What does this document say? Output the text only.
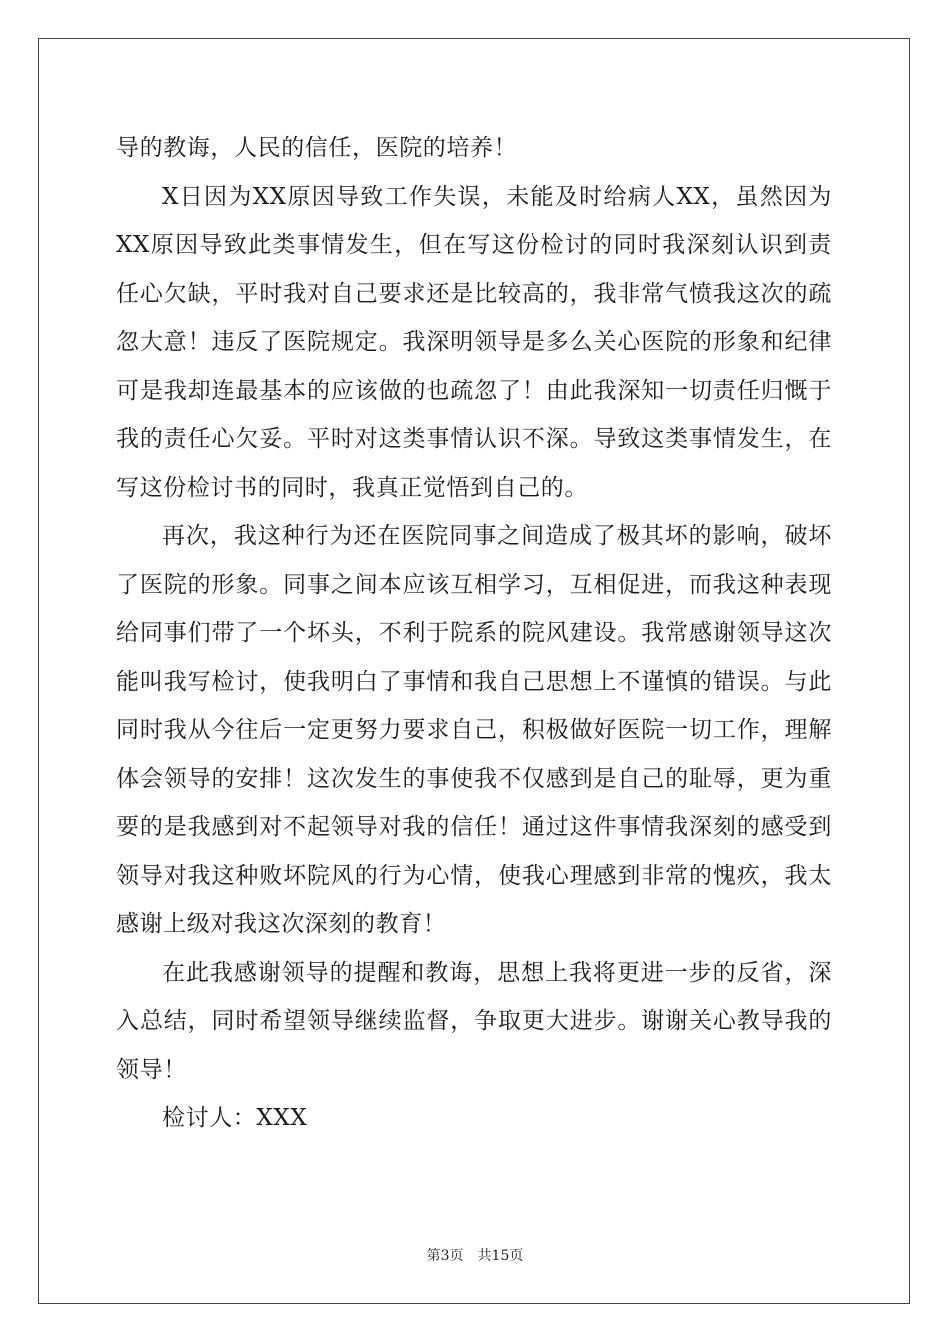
导的教诲，人民的信任，医院的培养！

X日因为XX原因导致工作失误，未能及时给病人XX，虽然因为XX原因导致此类事情发生，但在写这份检讨的同时我深刻认识到责任心欠缺，平时我对自己要求还是比较高的，我非常气愤我这次的疏忽大意！违反了医院规定。我深明领导是多么关心医院的形象和纪律可是我却连最基本的应该做的也疏忽了！由此我深知一切责任归慨于我的责任心欠妥。平时对这类事情认识不深。导致这类事情发生，在写这份检讨书的同时，我真正觉悟到自己的。

再次，我这种行为还在医院同事之间造成了极其坏的影响，破坏了医院的形象。同事之间本应该互相学习，互相促进，而我这种表现给同事们带了一个坏头，不利于院系的院风建设。我常感谢领导这次能叫我写检讨，使我明白了事情和我自己思想上不谨慎的错误。与此同时我从今往后一定更努力要求自己，积极做好医院一切工作，理解体会领导的安排！这次发生的事使我不仅感到是自己的耻辱，更为重要的是我感到对不起领导对我的信任！通过这件事情我深刻的感受到领导对我这种败坏院风的行为心情，使我心理感到非常的愧疚，我太感谢上级对我这次深刻的教育！

在此我感谢领导的提醒和教诲，思想上我将更进一步的反省，深入总结，同时希望领导继续监督，争取更大进步。谢谢关心教导我的领导！

检讨人：XXX

第3页 共15页
